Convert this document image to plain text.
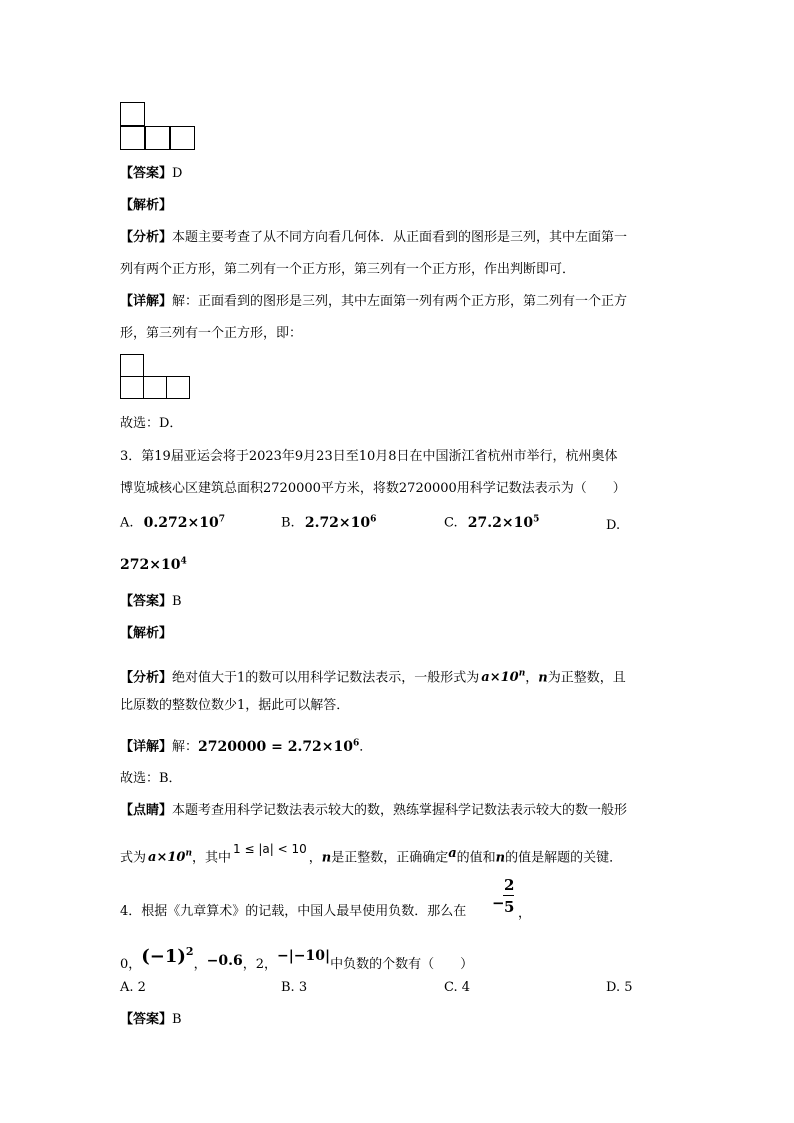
【答案】D
【解析】
【分析】本题主要考查了从不同方向看几何体．从正面看到的图形是三列，其中左面第一
列有两个正方形，第二列有一个正方形，第三列有一个正方形，作出判断即可．
【详解】解：正面看到的图形是三列，其中左面第一列有两个正方形，第二列有一个正方
形，第三列有一个正方形，即：
故选：D．
3．第19届亚运会将于2023年9月23日至10月8日在中国浙江省杭州市举行，杭州奥体
博览城核心区建筑总面积2720000平方米，将数2720000用科学记数法表示为（　　）
A. $0.272\times 10^7$	B. $2.72\times 10^6$	C. $27.2\times 10^5$	D.
$272\times 10^4$
【答案】B
【解析】
【分析】绝对值大于1的数可以用科学记数法表示，一般形式为 $a\times 10^n$，n为正整数，且
比原数的整数位数少1，据此可以解答．
【详解】解：$2720000 = 2.72\times 10^6$．
故选：B．
【点睛】本题考查用科学记数法表示较大的数，熟练掌握科学记数法表示较大的数一般形
式为 $a\times 10^n$，其中1 ≤ |a| < 10，n是正整数，正确确定a的值和n的值是解题的关键．
4．根据《九章算术》的记载，中国人最早使用负数．那么在 −
2
5 ，
0，$(-1)^2$，−0.6，2，−|−10|中负数的个数有（　　）
A. 2	B. 3	C. 4	D. 5
【答案】B
